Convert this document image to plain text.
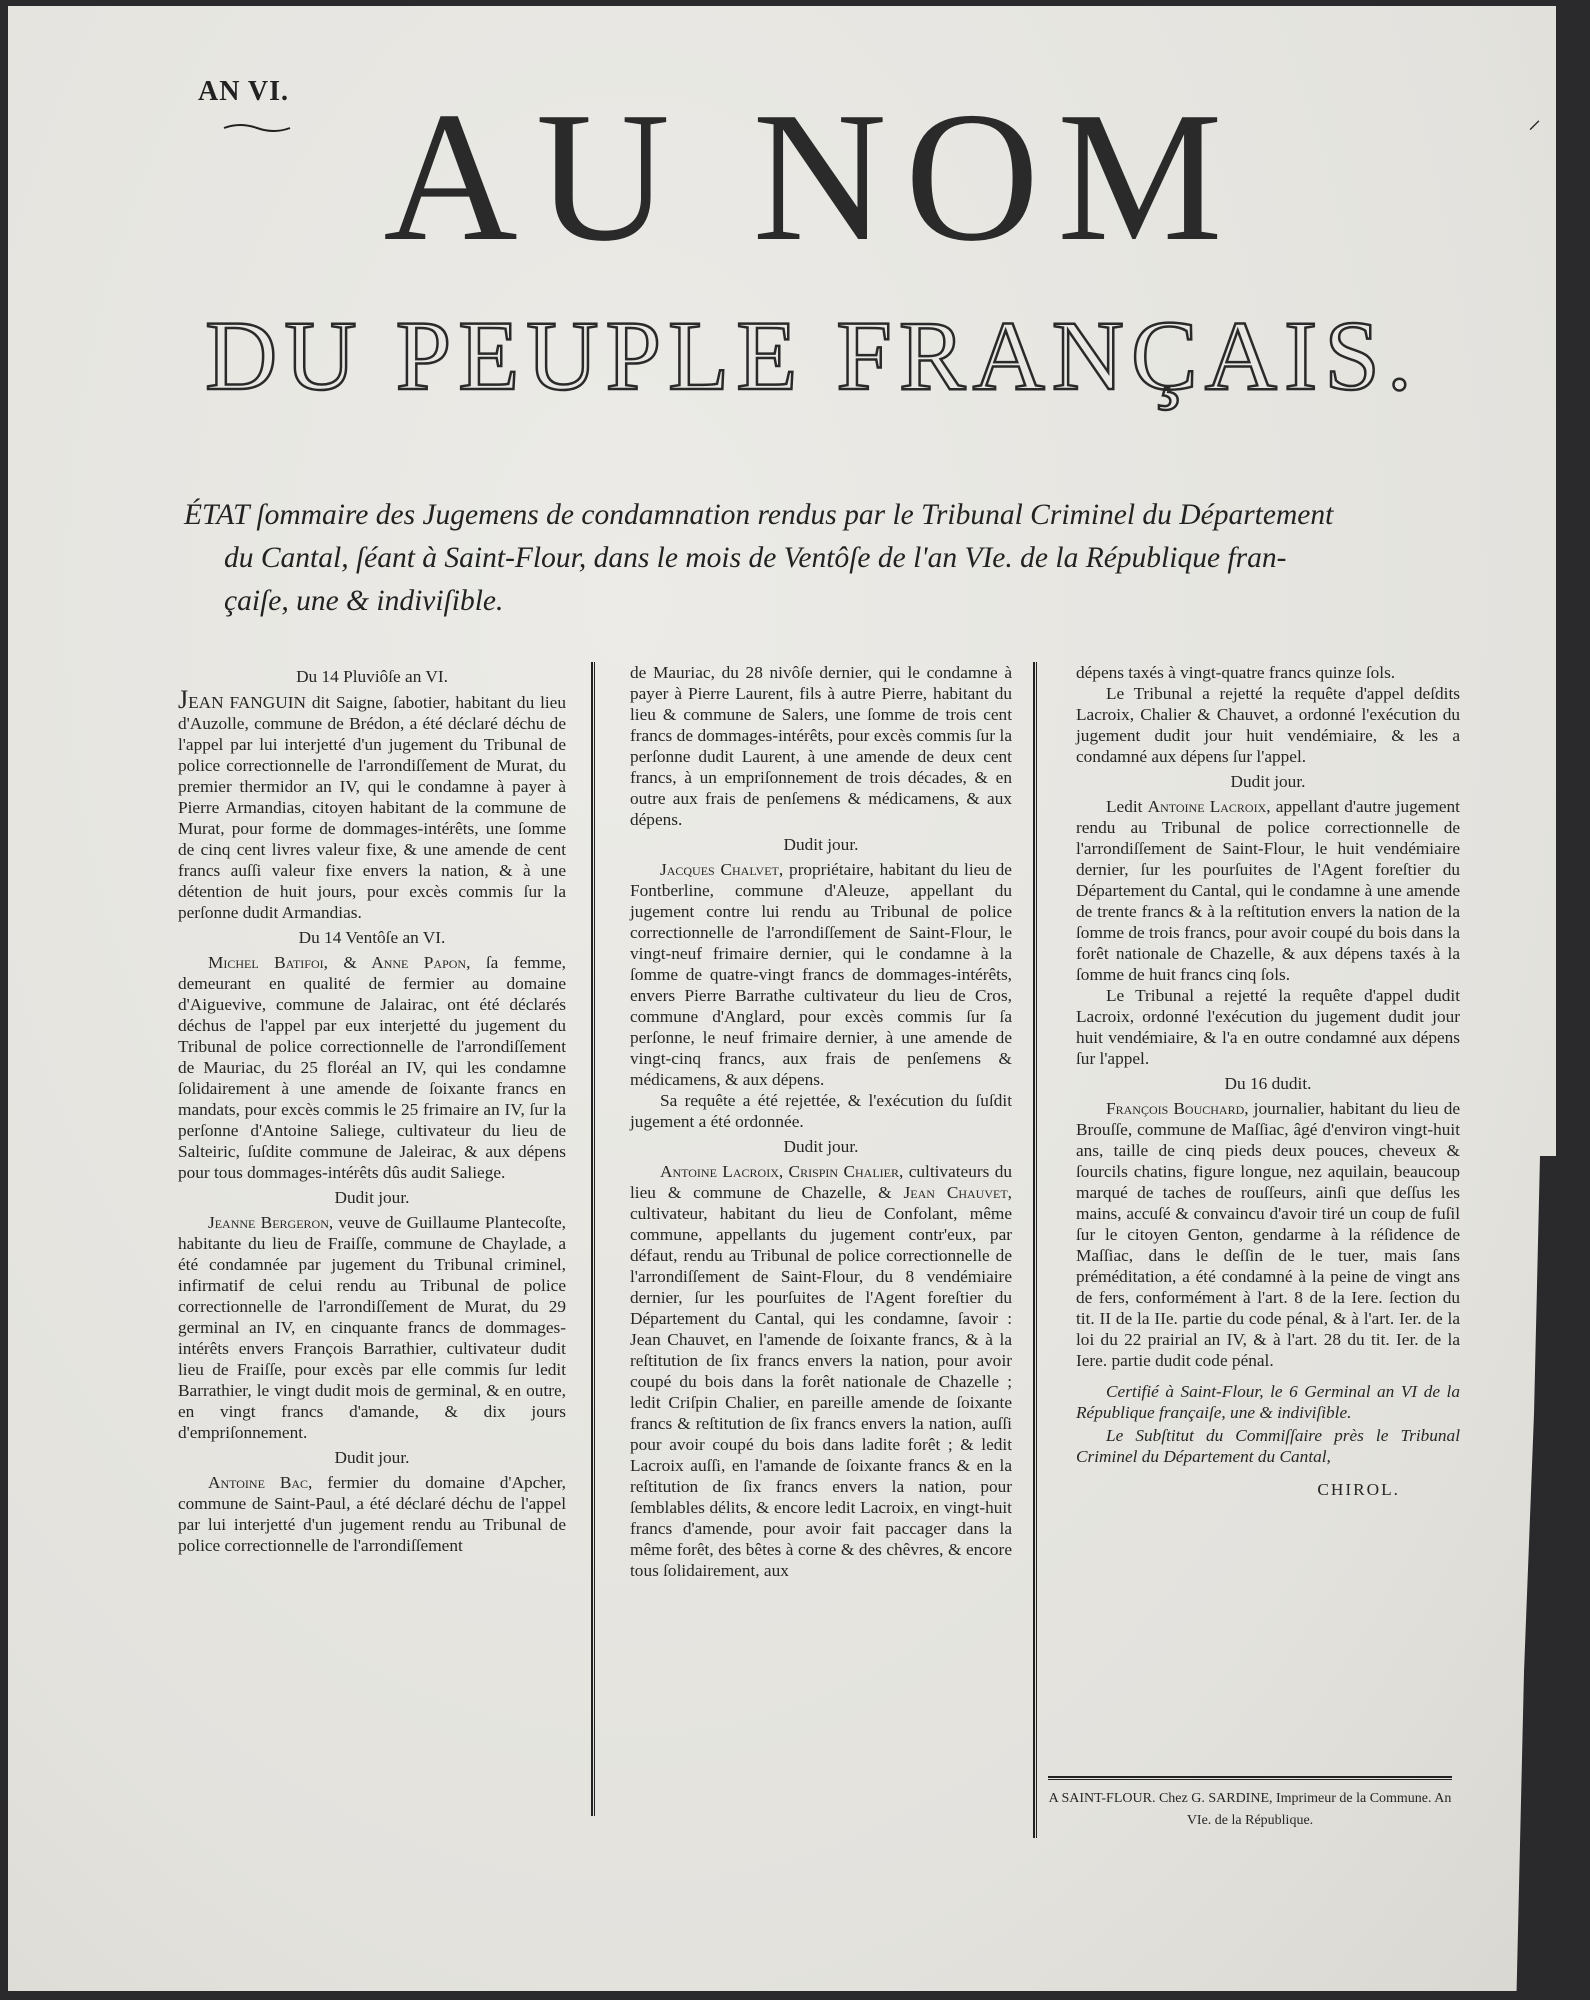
AN VI.
⸝
AU NOM
DU PEUPLE FRANÇAIS.
ÉTAT ſommaire des Jugemens de condamnation rendus par le Tribunal Criminel du Département
du Cantal, ſéant à Saint-Flour, dans le mois de Ventôſe de l'an VIe. de la République fran-
çaiſe, une & indiviſible.

Du 14 Pluviôſe an VI.

JEAN FANGUIN dit Saigne, ſabotier, habitant du lieu d'Auzolle, commune de Brédon, a été déclaré déchu de l'appel par lui interjetté d'un jugement du Tribunal de police correctionnelle de l'arrondiſſement de Murat, du premier thermidor an IV, qui le condamne à payer à Pierre Armandias, citoyen habitant de la commune de Murat, pour forme de dommages-intérêts, une ſomme de cinq cent livres valeur fixe, & une amende de cent francs auſſi valeur fixe envers la nation, & à une détention de huit jours, pour excès commis ſur la perſonne dudit Armandias.

Du 14 Ventôſe an VI.

Michel Batifoi, & Anne Papon, ſa femme, demeurant en qualité de fermier au domaine d'Aiguevive, commune de Jalairac, ont été déclarés déchus de l'appel par eux interjetté du jugement du Tribunal de police correctionnelle de l'arrondiſſement de Mauriac, du 25 floréal an IV, qui les condamne ſolidairement à une amende de ſoixante francs en mandats, pour excès commis le 25 frimaire an IV, ſur la perſonne d'Antoine Saliege, cultivateur du lieu de Salteiric, ſuſdite commune de Jaleirac, & aux dépens pour tous dommages-intérêts dûs audit Saliege.

Dudit jour.

Jeanne Bergeron, veuve de Guillaume Plantecoſte, habitante du lieu de Fraiſſe, commune de Chaylade, a été condamnée par jugement du Tribunal criminel, infirmatif de celui rendu au Tribunal de police correctionnelle de l'arrondiſſement de Murat, du 29 germinal an IV, en cinquante francs de dommages-intérêts envers François Barrathier, cultivateur dudit lieu de Fraiſſe, pour excès par elle commis ſur ledit Barrathier, le vingt dudit mois de germinal, & en outre, en vingt francs d'amande, & dix jours d'empriſonnement.

Dudit jour.

Antoine Bac, fermier du domaine d'Apcher, commune de Saint-Paul, a été déclaré déchu de l'appel par lui interjetté d'un jugement rendu au Tribunal de police correctionnelle de l'arrondiſſement

de Mauriac, du 28 nivôſe dernier, qui le condamne à payer à Pierre Laurent, fils à autre Pierre, habitant du lieu & commune de Salers, une ſomme de trois cent francs de dommages-intérêts, pour excès commis ſur la perſonne dudit Laurent, à une amende de deux cent francs, à un empriſonnement de trois décades, & en outre aux frais de penſemens & médicamens, & aux dépens.

Dudit jour.

Jacques Chalvet, propriétaire, habitant du lieu de Fontberline, commune d'Aleuze, appellant du jugement contre lui rendu au Tribunal de police correctionnelle de l'arrondiſſement de Saint-Flour, le vingt-neuf frimaire dernier, qui le condamne à la ſomme de quatre-vingt francs de dommages-intérêts, envers Pierre Barrathe cultivateur du lieu de Cros, commune d'Anglard, pour excès commis ſur ſa perſonne, le neuf frimaire dernier, à une amende de vingt-cinq francs, aux frais de penſemens & médicamens, & aux dépens.

Sa requête a été rejettée, & l'exécution du ſuſdit jugement a été ordonnée.

Dudit jour.

Antoine Lacroix, Crispin Chalier, cultivateurs du lieu & commune de Chazelle, & Jean Chauvet, cultivateur, habitant du lieu de Confolant, même commune, appellants du jugement contr'eux, par défaut, rendu au Tribunal de police correctionnelle de l'arrondiſſement de Saint-Flour, du 8 vendémiaire dernier, ſur les pourſuites de l'Agent foreſtier du Département du Cantal, qui les condamne, ſavoir : Jean Chauvet, en l'amende de ſoixante francs, & à la reſtitution de ſix francs envers la nation, pour avoir coupé du bois dans la forêt nationale de Chazelle ; ledit Criſpin Chalier, en pareille amende de ſoixante francs & reſtitution de ſix francs envers la nation, auſſi pour avoir coupé du bois dans ladite forêt ; & ledit Lacroix auſſi, en l'amande de ſoixante francs & en la reſtitution de ſix francs envers la nation, pour ſemblables délits, & encore ledit Lacroix, en vingt-huit francs d'amende, pour avoir fait paccager dans la même forêt, des bêtes à corne & des chêvres, & encore tous ſolidairement, aux

dépens taxés à vingt-quatre francs quinze ſols.

Le Tribunal a rejetté la requête d'appel deſdits Lacroix, Chalier & Chauvet, a ordonné l'exécution du jugement dudit jour huit vendémiaire, & les a condamné aux dépens ſur l'appel.

Dudit jour.

Ledit Antoine Lacroix, appellant d'autre jugement rendu au Tribunal de police correctionnelle de l'arrondiſſement de Saint-Flour, le huit vendémiaire dernier, ſur les pourſuites de l'Agent foreſtier du Département du Cantal, qui le condamne à une amende de trente francs & à la reſtitution envers la nation de la ſomme de trois francs, pour avoir coupé du bois dans la forêt nationale de Chazelle, & aux dépens taxés à la ſomme de huit francs cinq ſols.

Le Tribunal a rejetté la requête d'appel dudit Lacroix, ordonné l'exécution du jugement dudit jour huit vendémiaire, & l'a en outre condamné aux dépens ſur l'appel.

Du 16 dudit.

François Bouchard, journalier, habitant du lieu de Brouſſe, commune de Maſſiac, âgé d'environ vingt-huit ans, taille de cinq pieds deux pouces, cheveux & ſourcils chatins, figure longue, nez aquilain, beaucoup marqué de taches de rouſſeurs, ainſi que deſſus les mains, accuſé & convaincu d'avoir tiré un coup de fuſil ſur le citoyen Genton, gendarme à la réſidence de Maſſiac, dans le deſſin de le tuer, mais ſans préméditation, a été condamné à la peine de vingt ans de fers, conformément à l'art. 8 de la Iere. ſection du tit. II de la IIe. partie du code pénal, & à l'art. Ier. de la loi du 22 prairial an IV, & à l'art. 28 du tit. Ier. de la Iere. partie dudit code pénal.

Certifié à Saint-Flour, le 6 Germinal an VI de la République françaiſe, une & indiviſible.

Le Subſtitut du Commiſſaire près le Tribunal Criminel du Département du Cantal,

CHIROL.

A SAINT-FLOUR. Chez G. SARDINE, Imprimeur de la Commune. An VIe. de la République.
